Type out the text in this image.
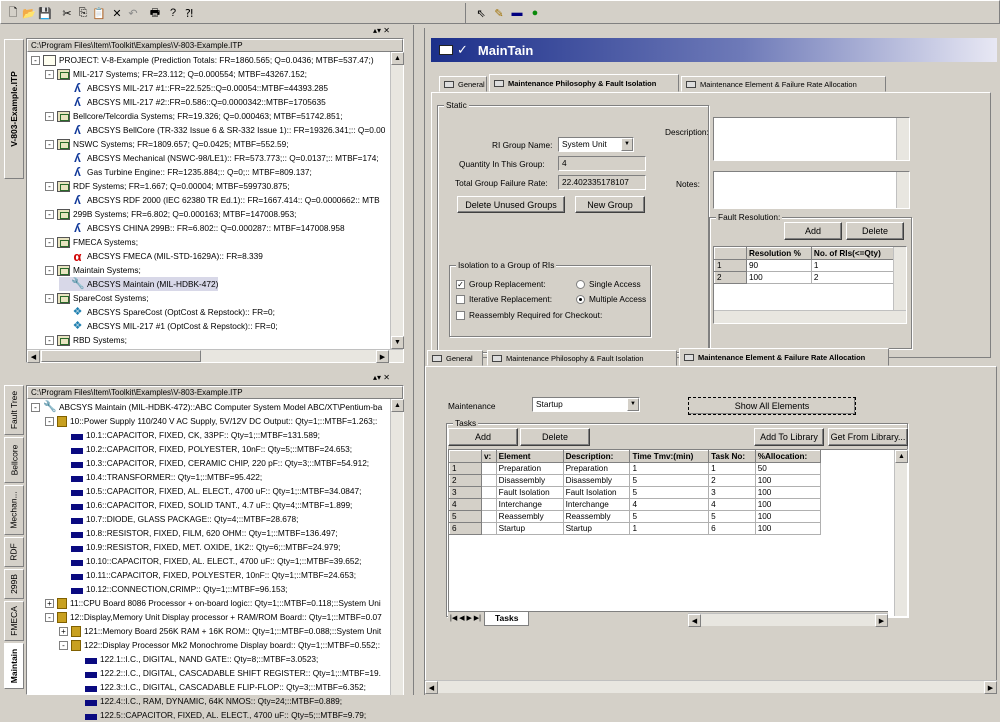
🗋 📂 💾 ✂ ⎘ 📋 ✕ ↶	🖶 ? ⁈	⇖ ✎ ▬ ●
▴▾ ✕
V-803-Example.ITP
C:\Program Files\Item\Toolkit\Examples\V-803-Example.ITP
-	PROJECT: V-8-Example (Prediction Totals: FR=1860.565; Q=0.0436; MTBF=537.47;)
-	MIL-217 Systems; FR=23.112; Q=0.000554; MTBF=43267.152;
ʎ ABCSYS MIL-217 #1::FR=22.525::Q=0.00054::MTBF=44393.285
ʎ ABCSYS MIL-217 #2::FR=0.586::Q=0.0000342::MTBF=1705635
-	Bellcore/Telcordia Systems; FR=19.326; Q=0.000463; MTBF=51742.851;
ʎ ABCSYS BellCore (TR-332 Issue 6 & SR-332 Issue 1):: FR=19326.341;:: Q=0.00
-	NSWC Systems; FR=1809.657; Q=0.0425; MTBF=552.59;
ʎ ABCSYS Mechanical (NSWC-98/LE1):: FR=573.773;:: Q=0.0137;:: MTBF=174;
ʎ Gas Turbine Engine:: FR=1235.884;:: Q=0;:: MTBF=809.137;
-	RDF Systems; FR=1.667; Q=0.00004; MTBF=599730.875;
ʎ ABCSYS RDF 2000 (IEC 62380 TR Ed.1):: FR=1667.414:: Q=0.0000662:: MTB
-	299B Systems; FR=6.802; Q=0.000163; MTBF=147008.953;
ʎ ABCSYS CHINA 299B:: FR=6.802:: Q=0.000287:: MTBF=147008.958
-	FMECA Systems;
α ABCSYS FMECA (MIL-STD-1629A):: FR=8.339
-	Maintain Systems;
🔧 ABCSYS Maintain (MIL-HDBK-472)
-	SpareCost Systems;
❖ ABCSYS SpareCost (OptCost & Repstock):: FR=0;
❖ ABCSYS MIL-217 #1 (OptCost & Repstock):: FR=0;
-	RBD Systems;
▲
▼
◀	▶
▴▾ ✕
Fault Tree
Bellcore
Mechan...
RDF
299B
FMECA
Maintain
C:\Program Files\Item\Toolkit\Examples\V-803-Example.ITP
- 🔧 ABCSYS Maintain (MIL-HDBK-472)::ABC Computer System Model ABC/XT\Pentium-ba
-	10::Power Supply 110/240 V AC Supply, 5V/12V DC Output:: Qty=1;::MTBF=1.263;:
10.1::CAPACITOR, FIXED, CK, 33PF:: Qty=1;::MTBF=131.589;
10.2::CAPACITOR, FIXED, POLYESTER, 10nF:: Qty=5;::MTBF=24.653;
10.3::CAPACITOR, FIXED, CERAMIC CHIP, 220 pF:: Qty=3;::MTBF=54.912;
10.4::TRANSFORMER:: Qty=1;::MTBF=95.422;
10.5::CAPACITOR, FIXED, AL. ELECT., 4700 uF:: Qty=1;::MTBF=34.0847;
10.6::CAPACITOR, FIXED, SOLID TANT., 4.7 uF:: Qty=4;::MTBF=1.899;
10.7::DIODE, GLASS PACKAGE:: Qty=4;::MTBF=28.678;
10.8::RESISTOR, FIXED, FILM, 620 OHM:: Qty=1;::MTBF=136.497;
10.9::RESISTOR, FIXED, MET. OXIDE, 1K2:: Qty=6;::MTBF=24.979;
10.10::CAPACITOR, FIXED, AL. ELECT., 4700 uF:: Qty=1;::MTBF=39.652;
10.11::CAPACITOR, FIXED, POLYESTER, 10nF:: Qty=1;::MTBF=24.653;
10.12::CONNECTION,CRIMP:: Qty=1;::MTBF=96.153;
+ 11::CPU Board 8086 Processor + on-board logic:: Qty=1;::MTBF=0.118;::System Uni
-	12::Display,Memory Unit Display processor + RAM/ROM Board:: Qty=1;::MTBF=0.07
+ 121::Memory Board 256K RAM + 16K ROM:: Qty=1;::MTBF=0.088;::System Unit
-	122::Display Processor Mk2 Monochrome Display board:: Qty=1;::MTBF=0.552;:
122.1::I.C., DIGITAL, NAND GATE:: Qty=8;::MTBF=3.0523;
122.2::I.C., DIGITAL, CASCADABLE SHIFT REGISTER:: Qty=1;::MTBF=19.
122.3::I.C., DIGITAL, CASCADABLE FLIP-FLOP:: Qty=3;::MTBF=6.352;
122.4::I.C., RAM, DYNAMIC, 64K NMOS:: Qty=24;::MTBF=0.889;
122.5::CAPACITOR, FIXED, AL. ELECT., 4700 uF:: Qty=5;::MTBF=9.79;
▲
✓ MainTain
General	Maintenance Philosophy & Fault Isolation	Maintenance Element & Failure Rate Allocation
Static
RI Group Name:	System Unit	▼
Quantity In This Group:	4
Total Group Failure Rate:	22.402335178107
Delete Unused Groups	New Group
Isolation to a Group of RIs
✓ Group Replacement:
Iterative Replacement:
Reassembly Required for Checkout:
Single Access
Multiple Access
Description:
Notes:
Fault Resolution:
Add	Delete
	Resolution %	No. of RIs(<=Qty)
1	90	1
2	100	2
General	Maintenance Philosophy & Fault Isolation	Maintenance Element & Failure Rate Allocation
Maintenance	Startup	▼	Show All Elements
Tasks
Add	Delete	Add To Library	Get From Library...
	v:	Element	Description:	Time Tmv:(min)	Task No:	%Allocation:
1		Preparation	Preparation	1	1	50
2		Disassembly	Disassembly	5	2	100
3		Fault Isolation	Fault Isolation	5	3	100
4		Interchange	Interchange	4	4	100
5		Reassembly	Reassembly	5	5	100
6		Startup	Startup	1	6	100
▲
|◀ ◀ ▶ ▶|	Tasks	◀	▶
◀	▶
